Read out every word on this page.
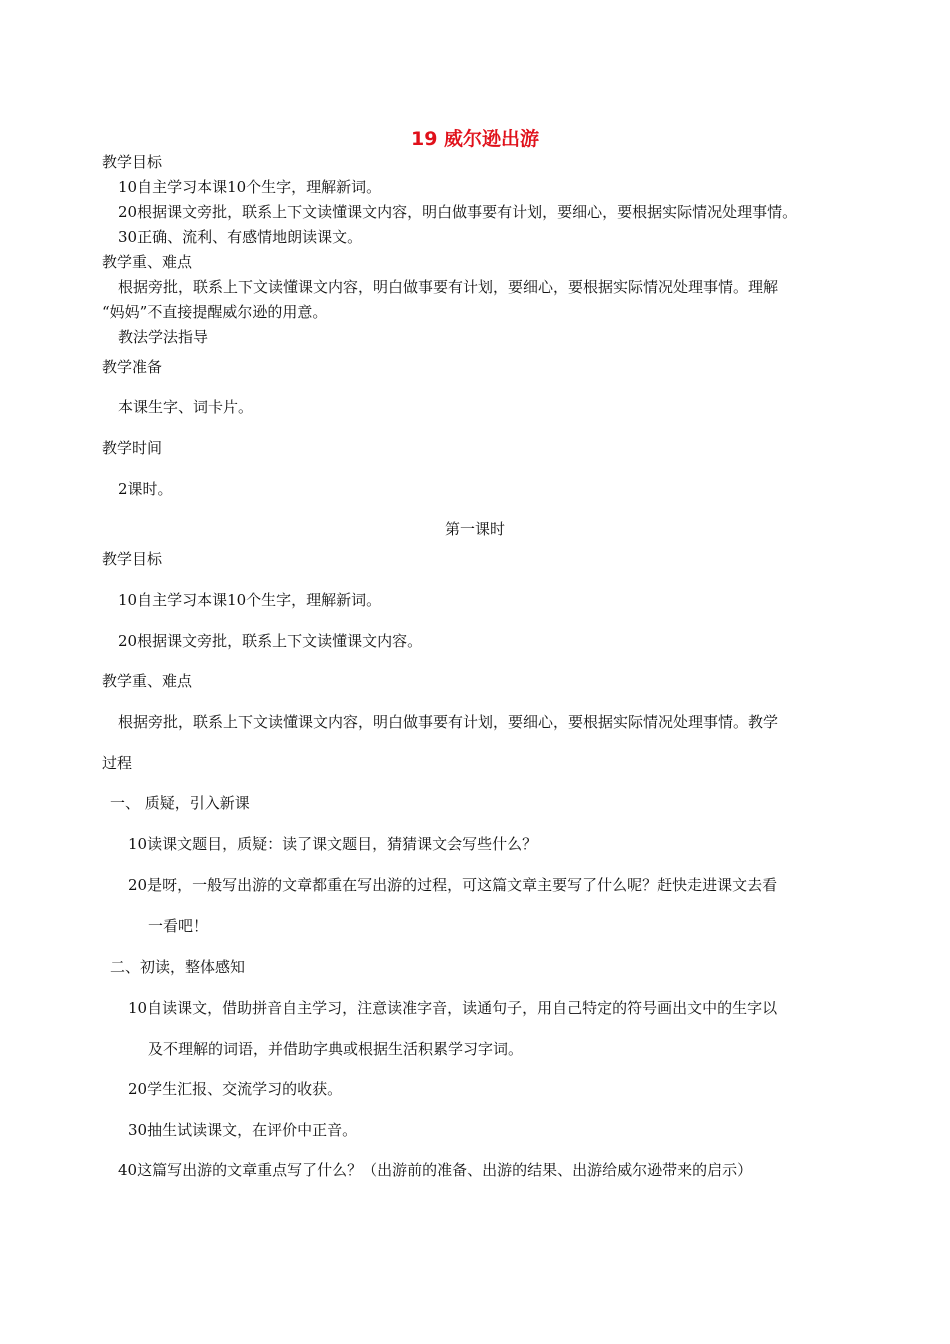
19 威尔逊出游
教学目标
10自主学习本课10个生字，理解新词。
20根据课文旁批，联系上下文读懂课文内容，明白做事要有计划，要细心，要根据实际情况处理事情。
30正确、流利、有感情地朗读课文。
教学重、难点
根据旁批，联系上下文读懂课文内容，明白做事要有计划，要细心，要根据实际情况处理事情。理解
“妈妈”不直接提醒威尔逊的用意。
教法学法指导
教学准备
本课生字、词卡片。
教学时间
2课时。
第一课时
教学目标
10自主学习本课10个生字，理解新词。
20根据课文旁批，联系上下文读懂课文内容。
教学重、难点
根据旁批，联系上下文读懂课文内容，明白做事要有计划，要细心，要根据实际情况处理事情。教学
过程
一、 质疑，引入新课
10读课文题目，质疑：读了课文题目，猜猜课文会写些什么？
20是呀，一般写出游的文章都重在写出游的过程，可这篇文章主要写了什么呢？赶快走进课文去看
一看吧！
二、初读，整体感知
10自读课文，借助拼音自主学习，注意读准字音，读通句子，用自己特定的符号画出文中的生字以
及不理解的词语，并借助字典或根据生活积累学习字词。
20学生汇报、交流学习的收获。
30抽生试读课文，在评价中正音。
40这篇写出游的文章重点写了什么？（出游前的准备、出游的结果、出游给威尔逊带来的启示）
